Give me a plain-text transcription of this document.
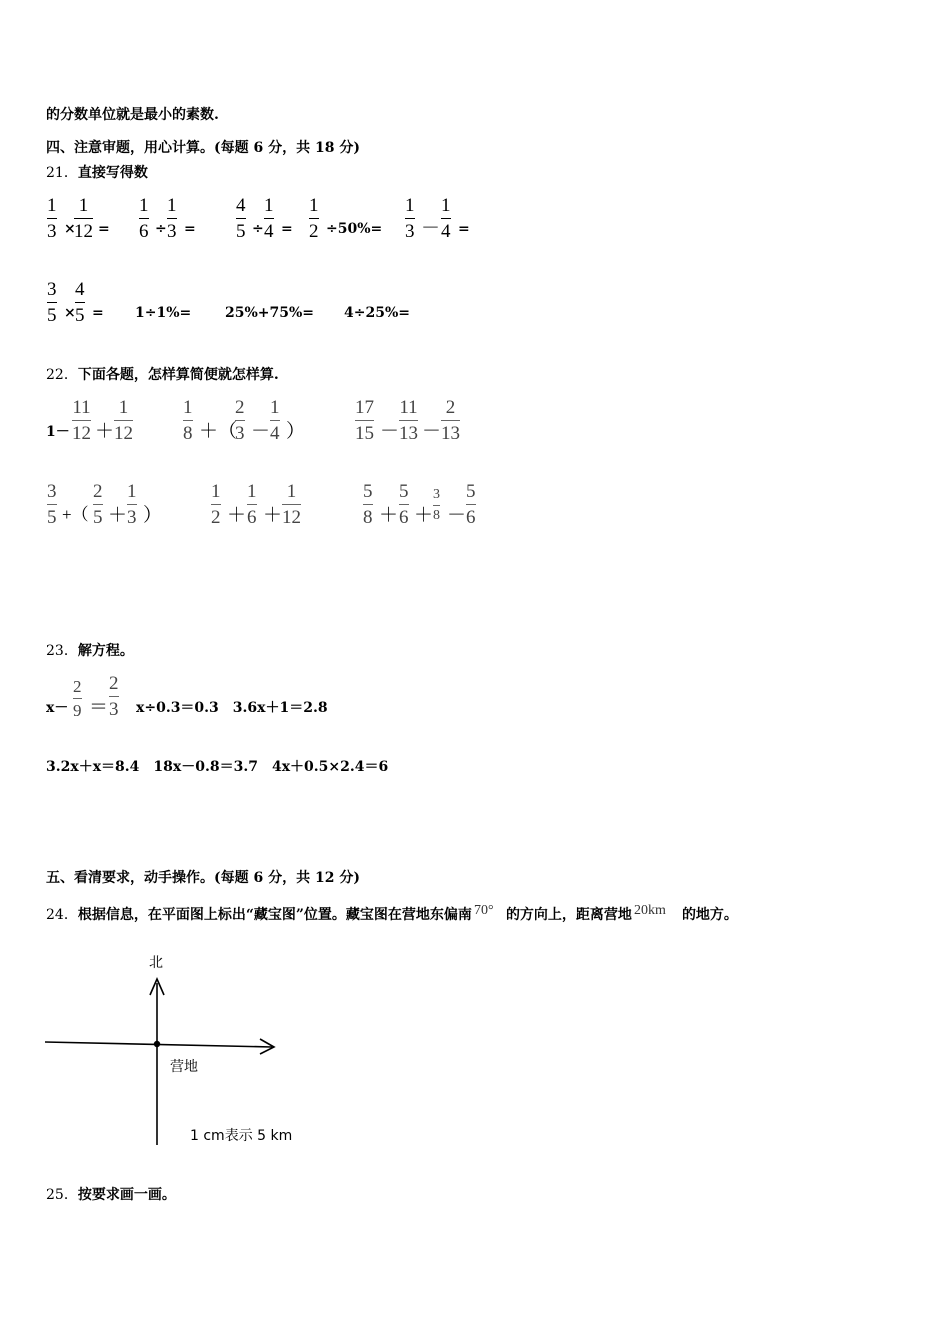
的分数单位就是最小的素数.
四、注意审题，用心计算。(每题 6 分，共 18 分)
21．直接写得数
1
3 ×
1
12 =
1
6 ÷
1
3 =
4
5 ÷
1
4 =
1
2 ÷50%=
1
3 －
1
4 =
3
5 ×
4
5 = 1÷1%= 25%+75%= 4÷25%=
22．下面各题，怎样算简便就怎样算.
1－
11
12 ＋
1
12
1
8 ＋（
2
3 －
1
4 ）
17
15 －
11
13 －
2
13
3
5 +（
2
5 ＋
1
3 ）
1
2 ＋
1
6 ＋
1
12
5
8 ＋
5
6 ＋
3
8 －
5
6
23．解方程。
x－
2
9 ＝
2
3 x÷0.3＝0.3　3.6x＋1＝2.8
3.2x＋x＝8.4　18x－0.8＝3.7　4x＋0.5×2.4＝6
五、看清要求，动手操作。(每题 6 分，共 12 分)
24．根据信息，在平面图上标出“藏宝图”位置。藏宝图在营地东偏南 70° 的方向上，距离营地 20km 的地方。
北
营地
1 cm表示 5 km
25．按要求画一画。
